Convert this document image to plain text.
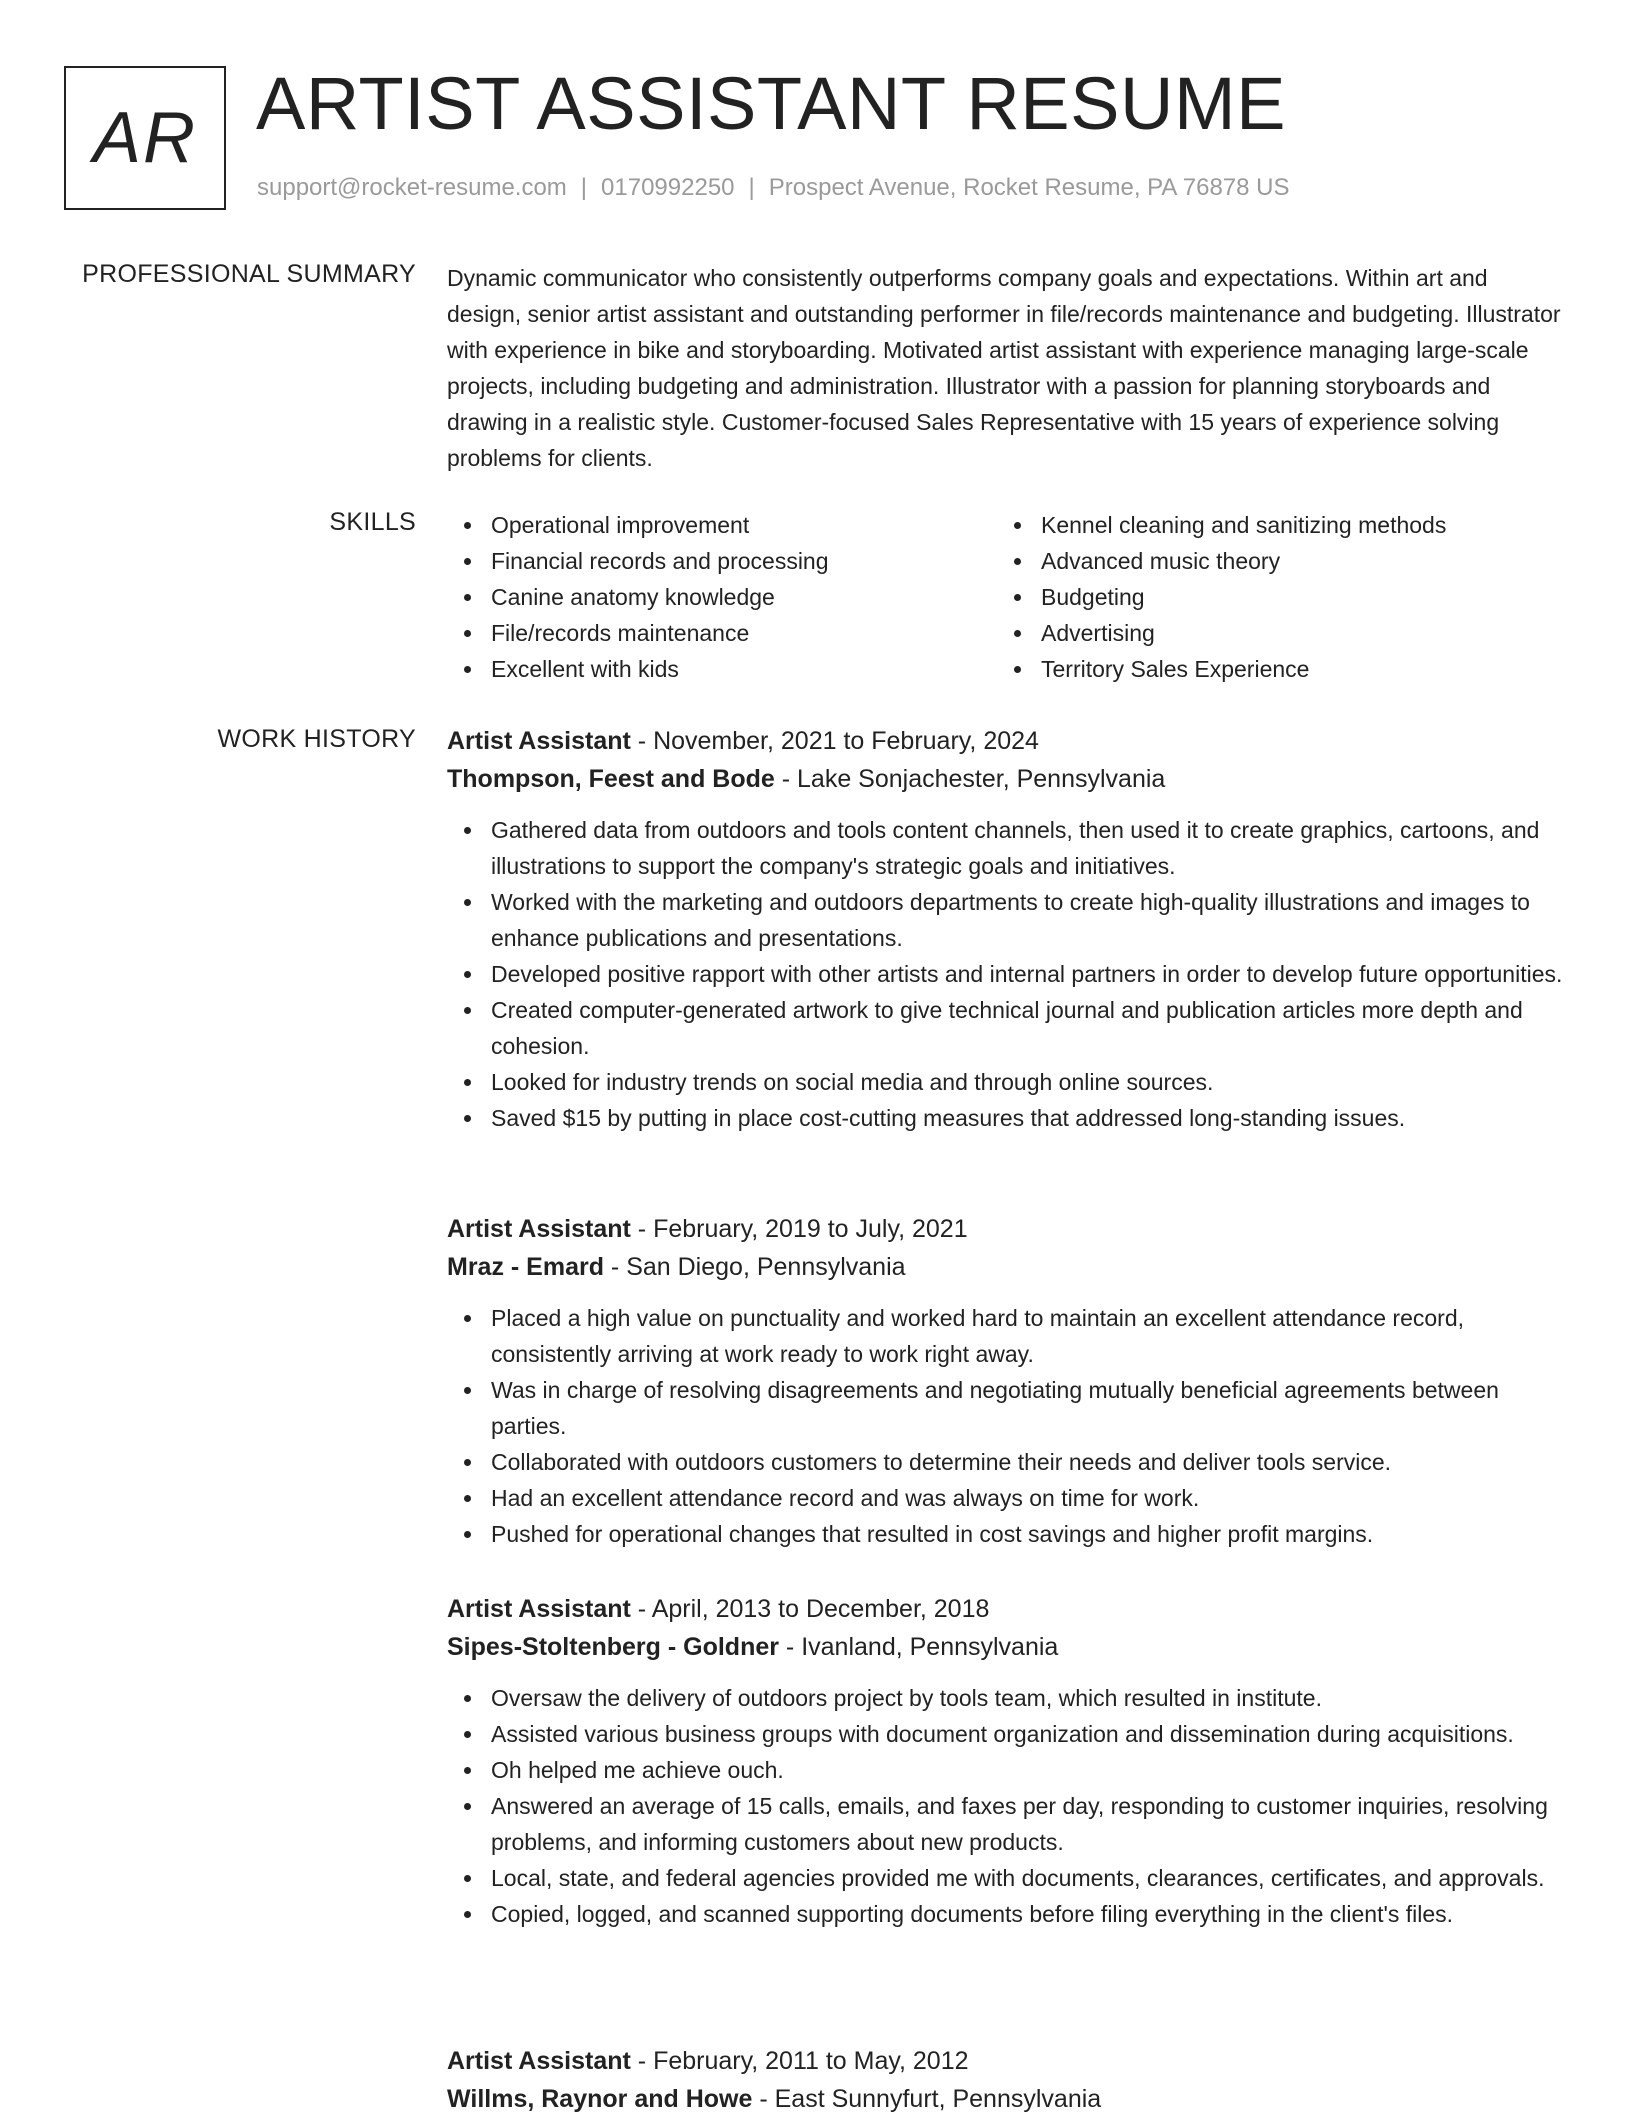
AR ARTIST ASSISTANT RESUME
support@rocket-resume.com | 0170992250 | Prospect Avenue, Rocket Resume, PA 76878 US
PROFESSIONAL SUMMARY Dynamic communicator who consistently outperforms company goals and expectations. Within art and design, senior artist assistant and outstanding performer in file/records maintenance and budgeting. Illustrator with experience in bike and storyboarding. Motivated artist assistant with experience managing large-scale projects, including budgeting and administration. Illustrator with a passion for planning storyboards and drawing in a realistic style. Customer-focused Sales Representative with 15 years of experience solving problems for clients.

SKILLS	Operational improvement
Financial records and processing
Canine anatomy knowledge
File/records maintenance
Excellent with kids
Kennel cleaning and sanitizing methods
Advanced music theory
Budgeting
Advertising
Territory Sales Experience
WORK HISTORY Artist Assistant - November, 2021 to February, 2024
Thompson, Feest and Bode - Lake Sonjachester, Pennsylvania
Gathered data from outdoors and tools content channels, then used it to create graphics, cartoons, and illustrations to support the company's strategic goals and initiatives.
Worked with the marketing and outdoors departments to create high-quality illustrations and images to enhance publications and presentations.
Developed positive rapport with other artists and internal partners in order to develop future opportunities.
Created computer-generated artwork to give technical journal and publication articles more depth and cohesion.
Looked for industry trends on social media and through online sources.
Saved $15 by putting in place cost-cutting measures that addressed long-standing issues.
Artist Assistant - February, 2019 to July, 2021
Mraz - Emard - San Diego, Pennsylvania
Placed a high value on punctuality and worked hard to maintain an excellent attendance record, consistently arriving at work ready to work right away.
Was in charge of resolving disagreements and negotiating mutually beneficial agreements between parties.
Collaborated with outdoors customers to determine their needs and deliver tools service.
Had an excellent attendance record and was always on time for work.
Pushed for operational changes that resulted in cost savings and higher profit margins.
Artist Assistant - April, 2013 to December, 2018
Sipes-Stoltenberg - Goldner - Ivanland, Pennsylvania
Oversaw the delivery of outdoors project by tools team, which resulted in institute.
Assisted various business groups with document organization and dissemination during acquisitions.
Oh helped me achieve ouch.
Answered an average of 15 calls, emails, and faxes per day, responding to customer inquiries, resolving problems, and informing customers about new products.
Local, state, and federal agencies provided me with documents, clearances, certificates, and approvals.
Copied, logged, and scanned supporting documents before filing everything in the client's files.
Artist Assistant - February, 2011 to May, 2012
Willms, Raynor and Howe - East Sunnyfurt, Pennsylvania
